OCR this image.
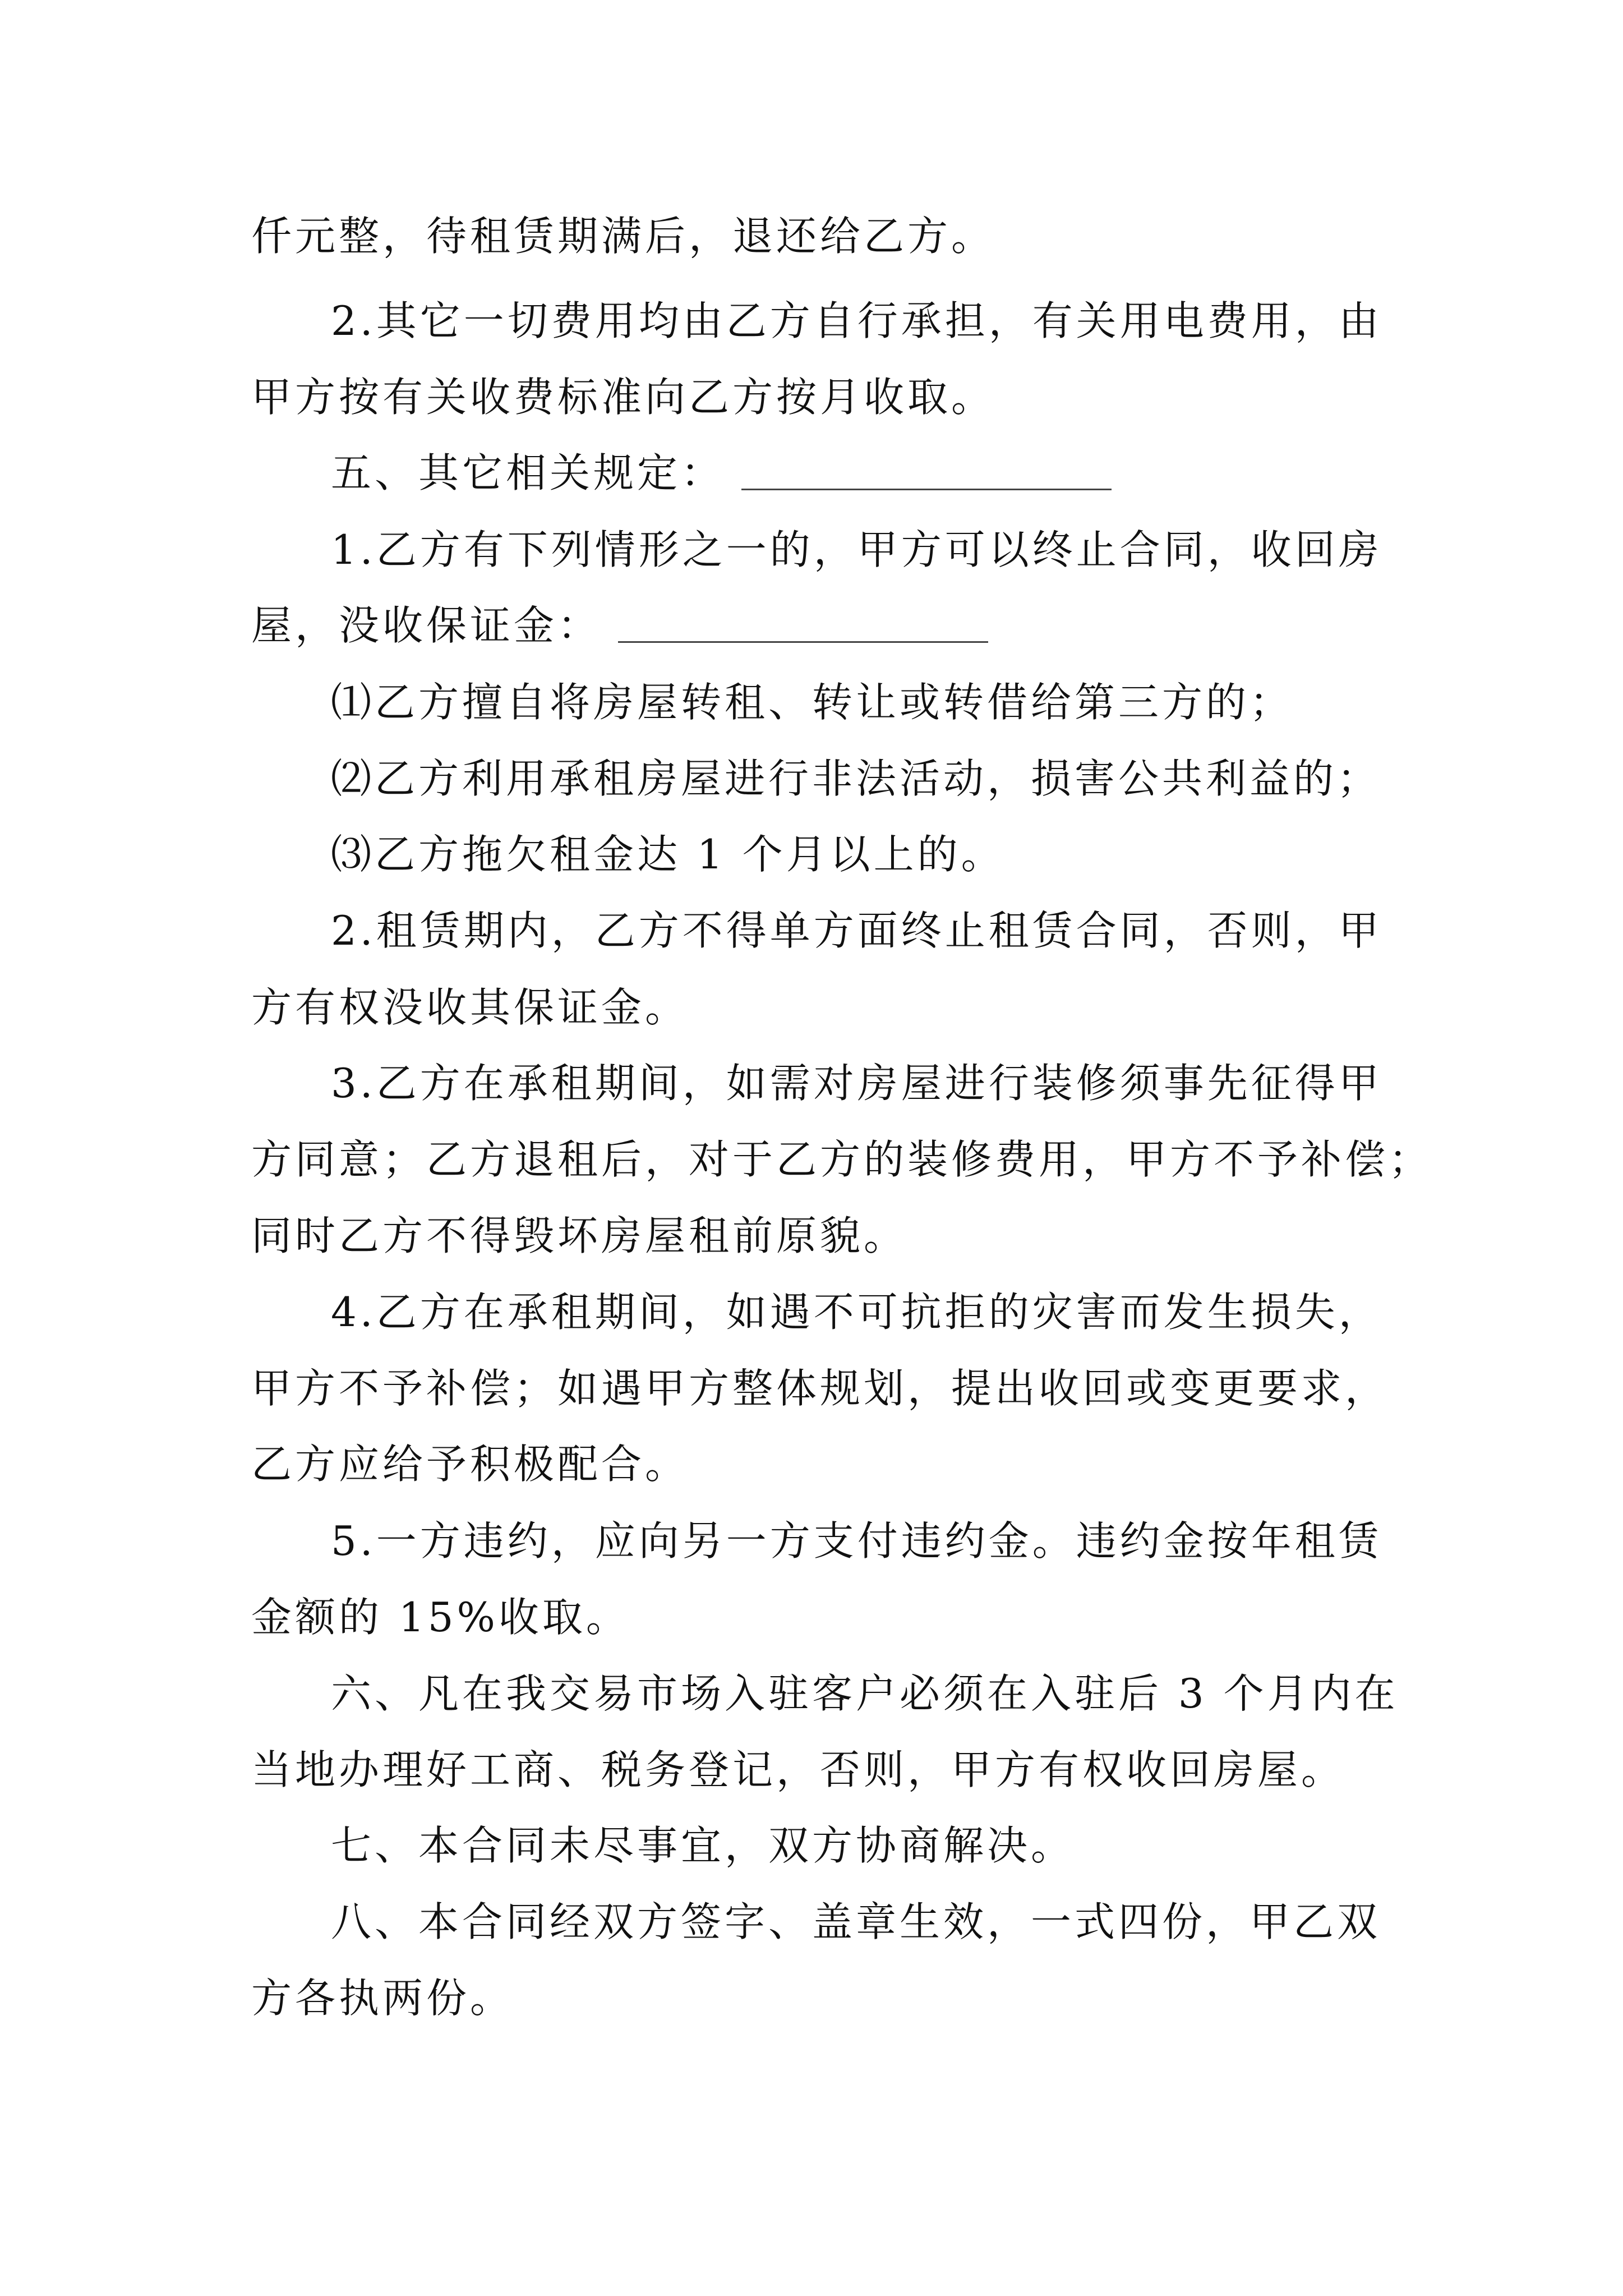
仟元整，待租赁期满后，退还给乙方。
2.其它一切费用均由乙方自行承担，有关用电费用，由
甲方按有关收费标准向乙方按月收取。
五、其它相关规定：
1.乙方有下列情形之一的，甲方可以终止合同，收回房
屋，没收保证金：
⑴乙方擅自将房屋转租、转让或转借给第三方的；
⑵乙方利用承租房屋进行非法活动，损害公共利益的；
⑶乙方拖欠租金达 1 个月以上的。
2.租赁期内，乙方不得单方面终止租赁合同，否则，甲
方有权没收其保证金。
3.乙方在承租期间，如需对房屋进行装修须事先征得甲
方同意；乙方退租后，对于乙方的装修费用，甲方不予补偿；
同时乙方不得毁坏房屋租前原貌。
4.乙方在承租期间，如遇不可抗拒的灾害而发生损失，
甲方不予补偿；如遇甲方整体规划，提出收回或变更要求，
乙方应给予积极配合。
5.一方违约，应向另一方支付违约金。违约金按年租赁
金额的 15%收取。
六、凡在我交易市场入驻客户必须在入驻后 3 个月内在
当地办理好工商、税务登记，否则，甲方有权收回房屋。
七、本合同未尽事宜，双方协商解决。
八、本合同经双方签字、盖章生效，一式四份，甲乙双
方各执两份。
